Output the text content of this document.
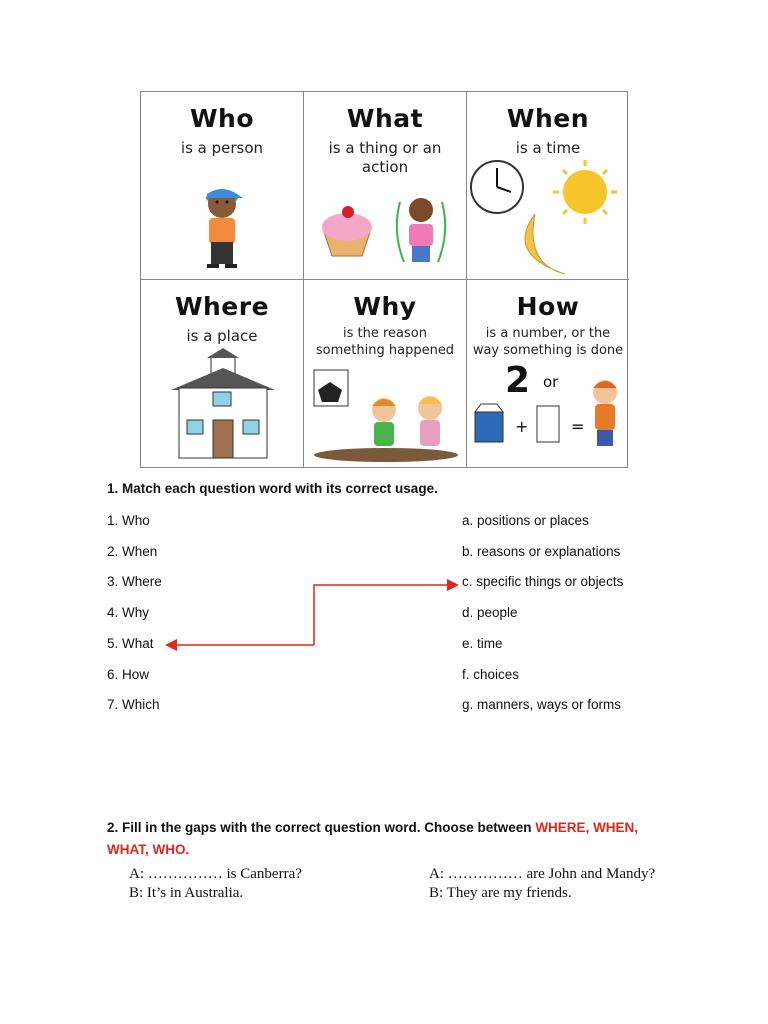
Who
is a person
What
is a thing or an action
When
is a time
Where
is a place
Why
is the reason something happened
How
is a number, or the way something is done
2 or
+	=
1. Match each question word with its correct usage.
1. Who
2. When
3. Where
4. Why
5. What
6. How
7. Which
a. positions or places
b. reasons or explanations
c. specific things or objects
d. people
e. time
f. choices
g. manners, ways or forms
2. Fill in the gaps with the correct question word. Choose between WHERE, WHEN, WHAT, WHO.
A: …………… is Canberra?
B: It’s in Australia.
A: …………… are John and Mandy?
B: They are my friends.
